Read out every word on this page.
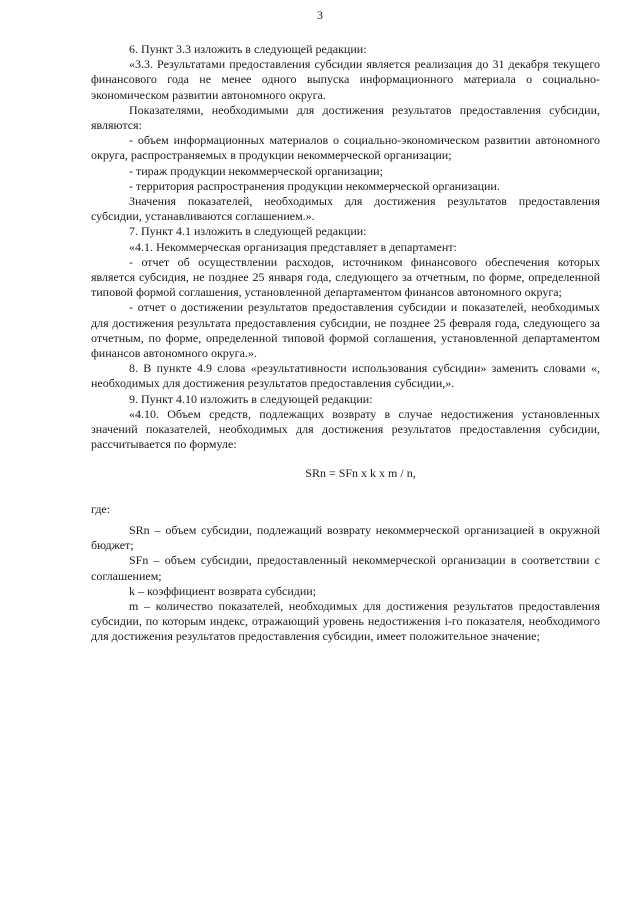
3

6. Пункт 3.3 изложить в следующей редакции:

«3.3. Результатами предоставления субсидии является реализация до 31 декабря текущего финансового года не менее одного выпуска информационного материала о социально-экономическом развитии автономного округа.

Показателями, необходимыми для достижения результатов предоставления субсидии, являются:

- объем информационных материалов о социально-экономическом развитии автономного округа, распространяемых в продукции некоммерческой организации;

- тираж продукции некоммерческой организации;

- территория распространения продукции некоммерческой организации.

Значения показателей, необходимых для достижения результатов предоставления субсидии, устанавливаются соглашением.».

7. Пункт 4.1 изложить в следующей редакции:

«4.1. Некоммерческая организация представляет в департамент:

- отчет об осуществлении расходов, источником финансового обеспечения которых является субсидия, не позднее 25 января года, следующего за отчетным, по форме, определенной типовой формой соглашения, установленной департаментом финансов автономного округа;

- отчет о достижении результатов предоставления субсидии и показателей, необходимых для достижения результата предоставления субсидии, не позднее 25 февраля года, следующего за отчетным, по форме, определенной типовой формой соглашения, установленной департаментом финансов автономного округа.».

8. В пункте 4.9 слова «результативности использования субсидии» заменить словами «, необходимых для достижения результатов предоставления субсидии,».

9. Пункт 4.10 изложить в следующей редакции:

«4.10. Объем средств, подлежащих возврату в случае недостижения установленных значений показателей, необходимых для достижения результатов предоставления субсидии, рассчитывается по формуле:

SRn = SFn x k x m / n,

где:

SRn – объем субсидии, подлежащий возврату некоммерческой организацией в окружной бюджет;

SFn – объем субсидии, предоставленный некоммерческой организации в соответствии с соглашением;

k – коэффициент возврата субсидии;

m – количество показателей, необходимых для достижения результатов предоставления субсидии, по которым индекс, отражающий уровень недостижения i-го показателя, необходимого для достижения результатов предоставления субсидии, имеет положительное значение;
